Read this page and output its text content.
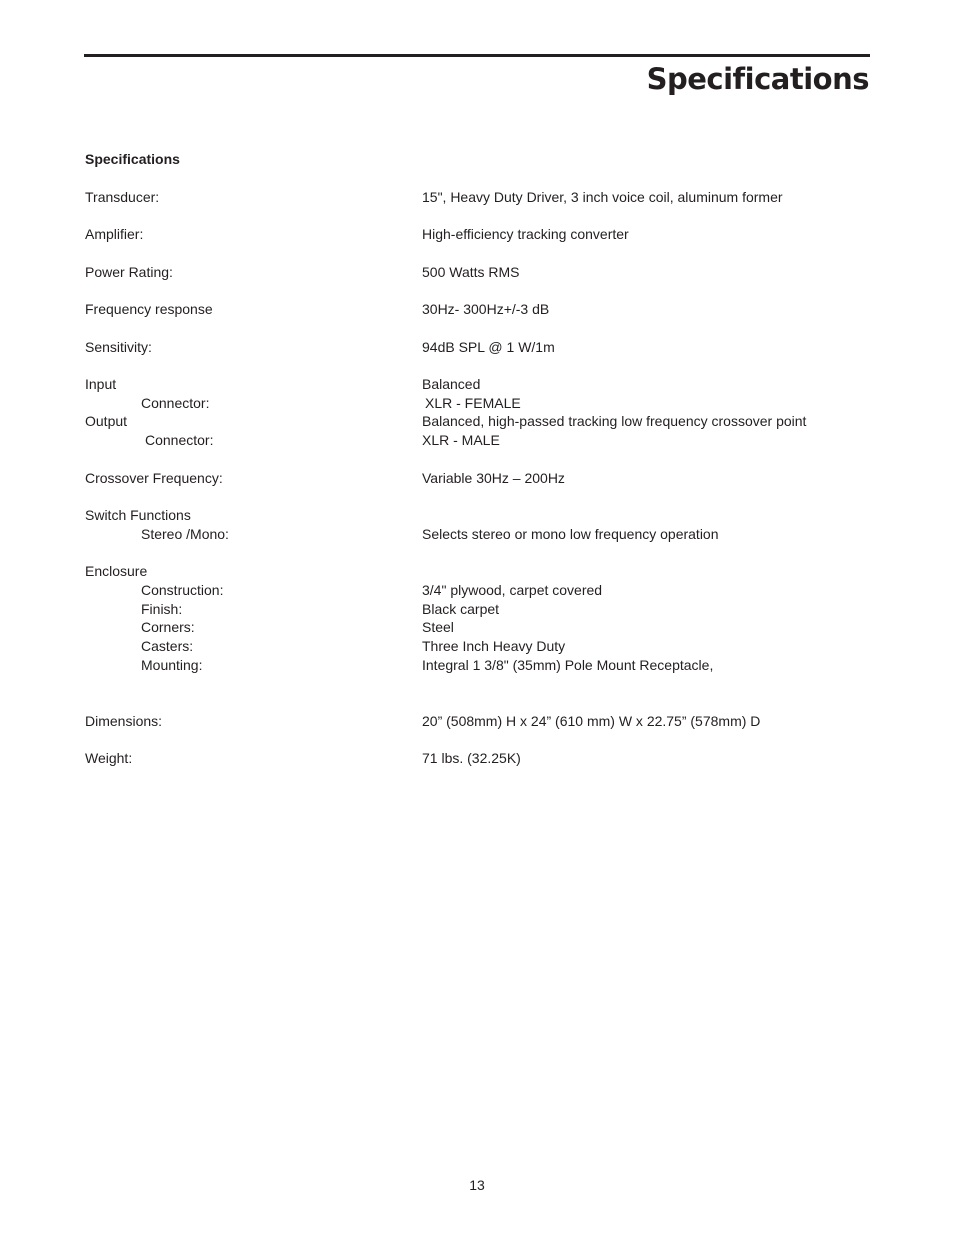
Specifications
Specifications
Transducer:	15", Heavy Duty Driver, 3 inch voice coil, aluminum former
Amplifier:	High-efficiency tracking converter
Power Rating:	500 Watts RMS
Frequency response	30Hz- 300Hz+/-3 dB
Sensitivity:	94dB SPL @ 1 W/1m
Input	Balanced
Connector:	XLR - FEMALE
Output	Balanced, high-passed tracking low frequency crossover point
Connector:	XLR - MALE
Crossover Frequency:	Variable 30Hz – 200Hz
Switch Functions
Stereo /Mono:	Selects stereo or mono low frequency operation
Enclosure
Construction:	3/4" plywood, carpet covered
Finish:	Black carpet
Corners:	Steel
Casters:	Three Inch Heavy Duty
Mounting:	Integral 1 3/8" (35mm) Pole Mount Receptacle,
Dimensions:	20” (508mm) H x 24” (610 mm) W x 22.75” (578mm) D
Weight:	71 lbs. (32.25K)
13
